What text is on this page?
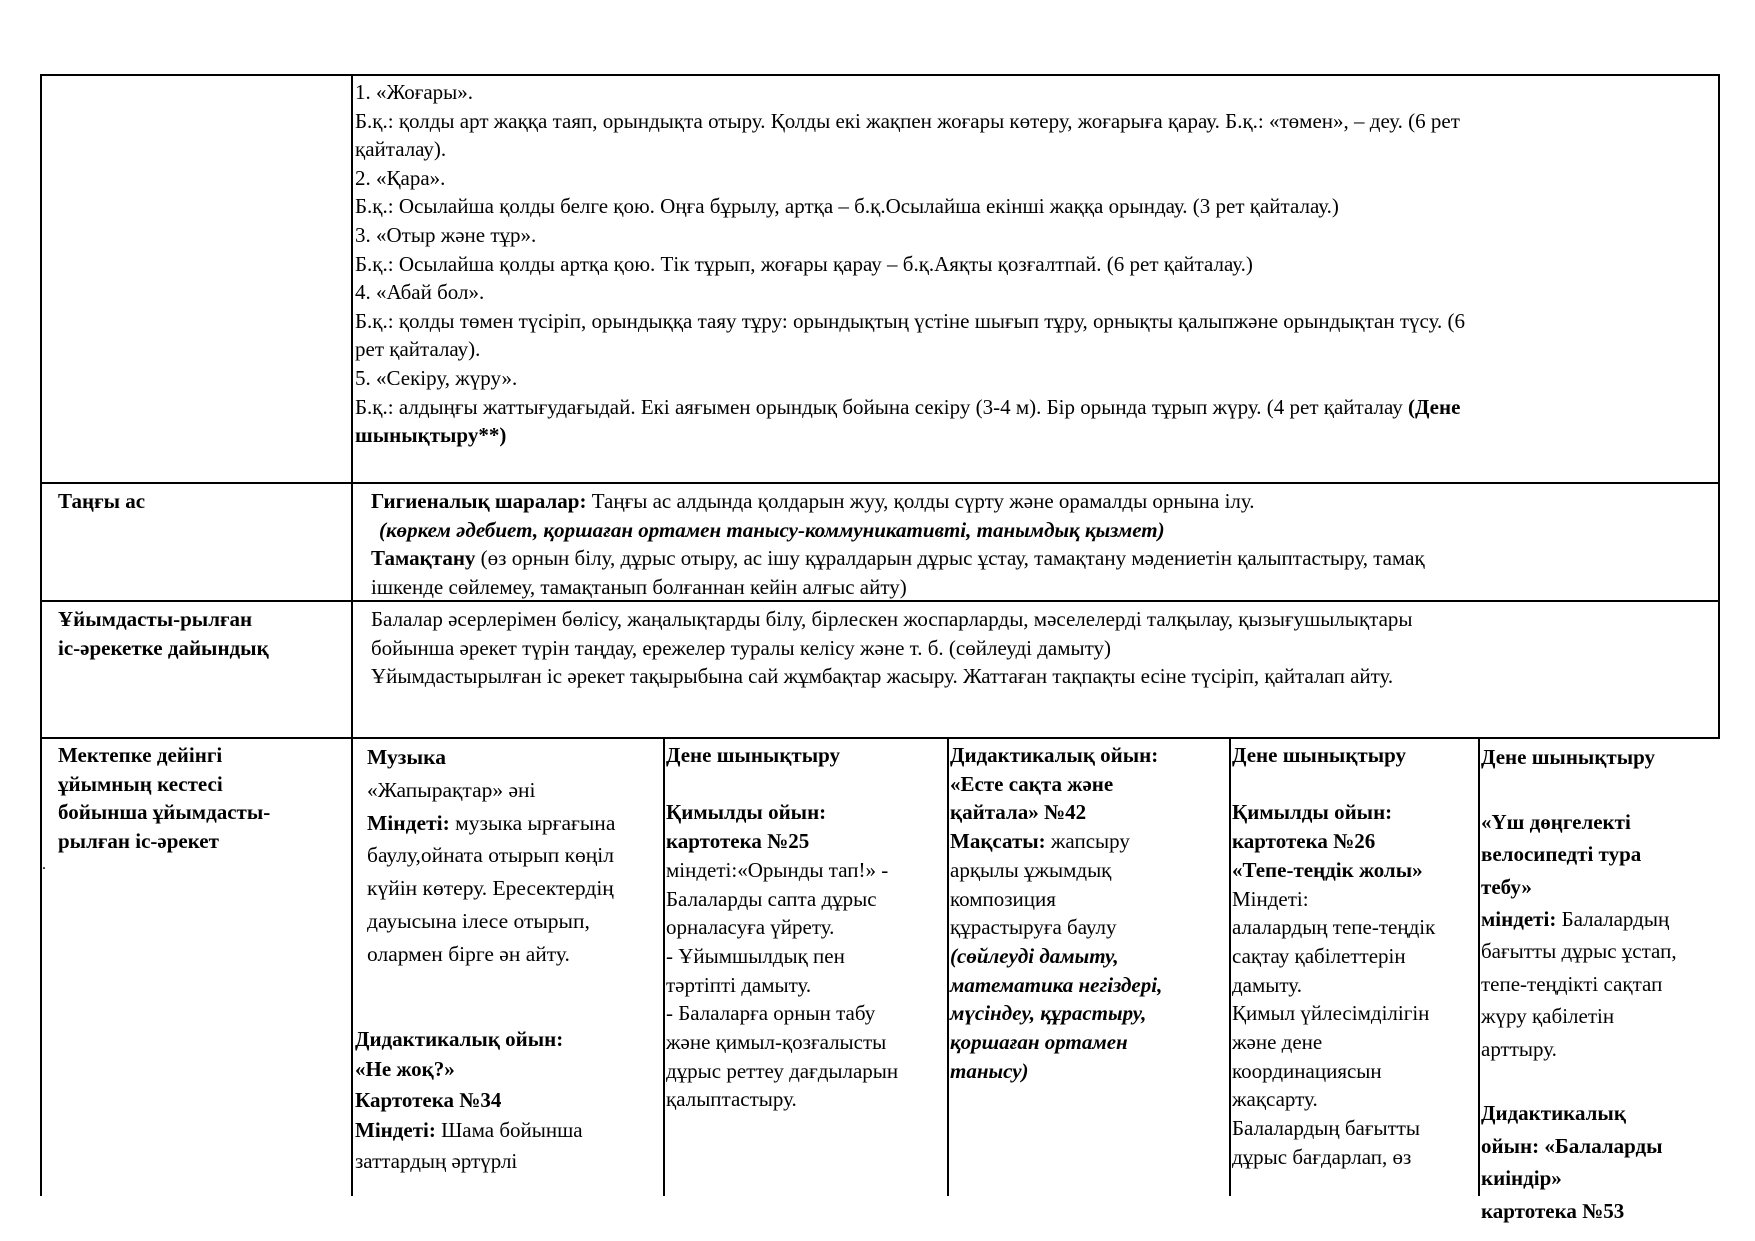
1. «Жоғары».
Б.қ.: қолды арт жаққа таяп, орындықта отыру. Қолды екі жақпен жоғары көтеру, жоғарыға қарау. Б.қ.: «төмен», – деу. (6 рет
қайталау).
2. «Қара».
Б.қ.: Осылайша қолды белге қою. Оңға бұрылу, артқа – б.қ.Осылайша екінші жаққа орындау. (3 рет қайталау.)
3. «Отыр және тұр».
Б.қ.: Осылайша қолды артқа қою. Тік тұрып, жоғары қарау – б.қ.Аяқты қозғалтпай. (6 рет қайталау.)
4. «Абай бол».
Б.қ.: қолды төмен түсіріп, орындыққа таяу тұру: орындықтың үстіне шығып тұру, орнықты қалыпжәне орындықтан түсу. (6
рет қайталау).
5. «Секіру, жүру».
Б.қ.: алдыңғы жаттығудағыдай. Екі аяғымен орындық бойына секіру (3-4 м). Бір орында тұрып жүру. (4 рет қайталау (Дене
шынықтыру**)
Таңғы ас	Гигиеналық шаралар: Таңғы ас алдында қолдарын жуу, қолды сүрту және орамалды орнына ілу.
(көркем әдебиет, қоршаған ортамен танысу-коммуникативті, танымдық қызмет)
Тамақтану (өз орнын білу, дұрыс отыру, ас ішу құралдарын дұрыс ұстау, тамақтану мәдениетін қалыптастыру, тамақ
ішкенде сөйлемеу, тамақтанып болғаннан кейін алғыс айту)
Ұйымдасты-рылған
іс-әрекетке дайындық
Балалар әсерлерімен бөлісу, жаңалықтарды білу, бірлескен жоспарларды, мәселелерді талқылау, қызығушылықтары
бойынша әрекет түрін таңдау, ережелер туралы келісу және т. б. (сөйлеуді дамыту)
Ұйымдастырылған іс әрекет тақырыбына сай жұмбақтар жасыру. Жаттаған тақпақты есіне түсіріп, қайталап айту.
Мектепке дейінгі
ұйымның кестесі
бойынша ұйымдасты-
рылған іс-әрекет
.
Музыка
«Жапырақтар» әні
Міндеті: музыка ырғағына
баулу,ойната отырып көңіл
күйін көтеру. Ересектердің
дауысына ілесе отырып,
олармен бірге ән айту.
Дидактикалық ойын:
«Не жоқ?»
Картотека №34
Міндеті: Шама бойынша
заттардың әртүрлі
Дене шынықтыру

Қимылды ойын:
картотека №25
міндеті:«Орынды тап!» -
Балаларды сапта дұрыс
орналасуға үйрету.
- Ұйымшылдық пен
тәртіпті дамыту.
- Балаларға орнын табу
және қимыл-қозғалысты
дұрыс реттеу дағдыларын
қалыптастыру.
Дидактикалық ойын:
«Есте сақта және
қайтала» №42
Мақсаты: жапсыру
арқылы ұжымдық
композиция
құрастыруға баулу
(сөйлеуді дамыту,
математика негіздері,
мүсіндеу, құрастыру,
қоршаған ортамен
танысу)
Дене шынықтыру

Қимылды ойын:
картотека №26
«Тепе-теңдік жолы»
Міндеті:
алалардың тепе-теңдік
сақтау қабілеттерін
дамыту.
Қимыл үйлесімділігін
және дене
координациясын
жақсарту.
Балалардың бағытты
дұрыс бағдарлап, өз
Дене шынықтыру

«Үш дөңгелекті
велосипедті тура
тебу»
міндеті: Балалардың
бағытты дұрыс ұстап,
тепе-теңдікті сақтап
жүру қабілетін
арттыру.

Дидактикалық
ойын: «Балаларды
киіндір»
картотека №53
